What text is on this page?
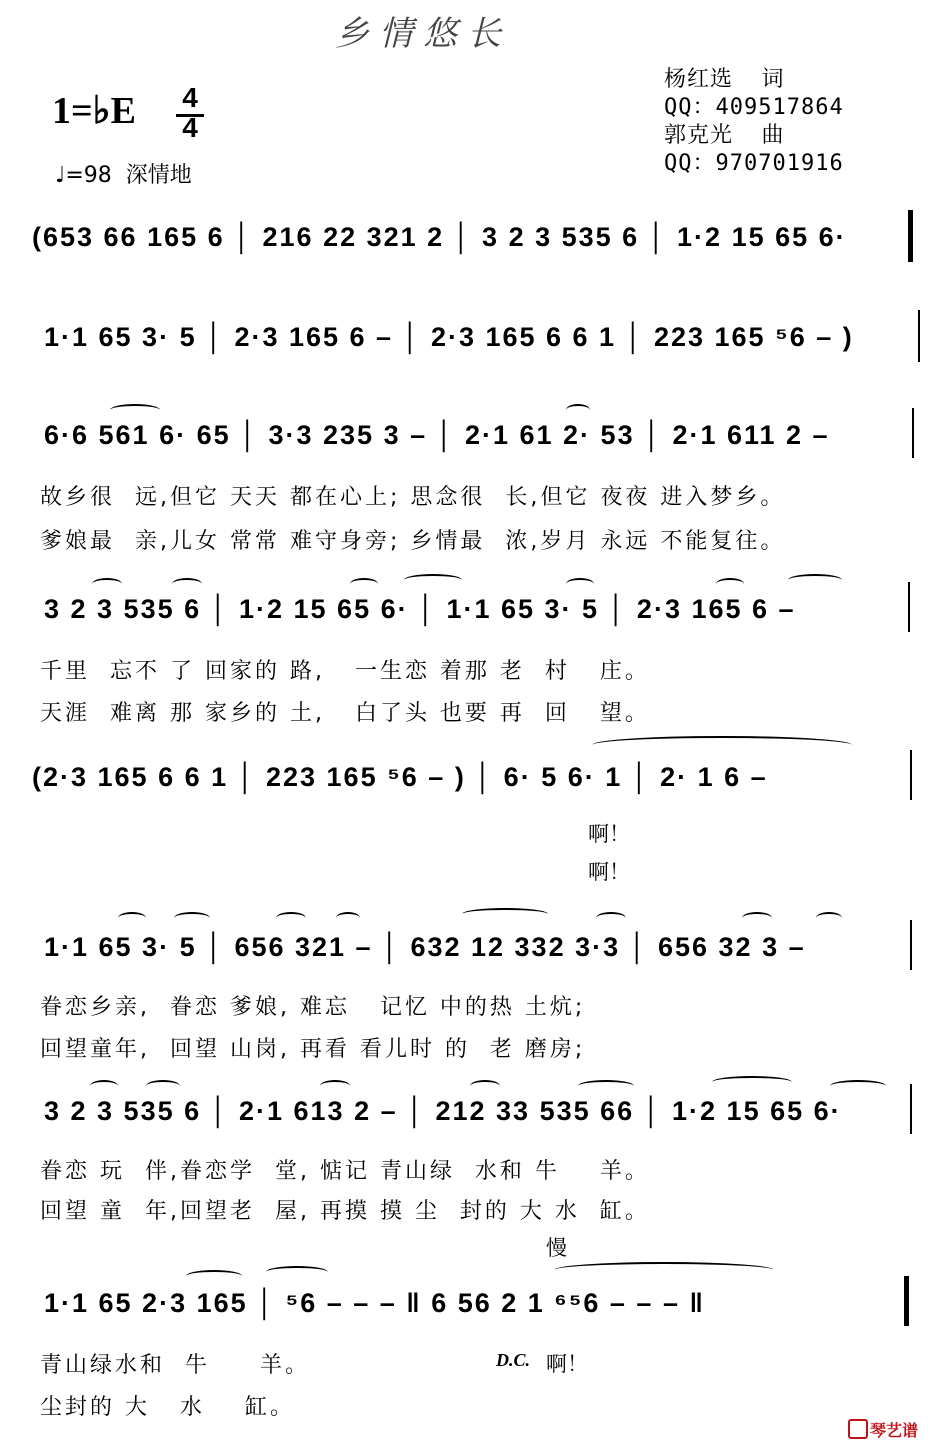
乡情悠长
1=♭E 4
4
♩=98  深情地
杨红选  词
QQ：409517864
郭克光  曲
QQ：970701916
(653 66 165 6 │ 216 22 321 2 │ 3 2 3 535 6 │ 1·2 15 65 6·
1·1 65 3· 5 │ 2·3 165 6 – │ 2·3 165 6 6 1 │ 223 165 ⁵6 – )
6·6 561 6· 65 │ 3·3 235 3 – │ 2·1 61 2· 53 │ 2·1 611 2 –
故乡很  远,但它 天天 都在心上; 思念很  长,但它 夜夜 进入梦乡。
爹娘最  亲,儿女 常常 难守身旁; 乡情最  浓,岁月 永远 不能复往。
3 2 3 535 6 │ 1·2 15 65 6· │ 1·1 65 3· 5 │ 2·3 165 6 –
千里  忘不 了 回家的 路,   一生恋 着那 老  村   庄。
天涯  难离 那 家乡的 土,   白了头 也要 再  回   望。
(2·3 165 6 6 1 │ 223 165 ⁵6 – ) │ 6· 5 6· 1 │ 2· 1 6 –
啊！
啊！
1·1 65 3· 5 │ 656 321 – │ 632 12 332 3·3 │ 656 32 3 –
眷恋乡亲,  眷恋 爹娘, 难忘   记忆 中的热 土炕;
回望童年,  回望 山岗, 再看 看儿时 的  老 磨房;
3 2 3 535 6 │ 2·1 613 2 – │ 212 33 535 66 │ 1·2 15 65 6·
眷恋 玩  伴,眷恋学  堂, 惦记 青山绿  水和 牛    羊。
回望 童  年,回望老  屋, 再摸 摸 尘  封的 大 水  缸。
慢
1·1 65 2·3 165 │ ⁵6 – – – ‖ 6 56 2 1 ⁶⁵6 – – – ‖
青山绿水和  牛     羊。
尘封的 大   水    缸。
D.C. 啊！
琴艺谱
